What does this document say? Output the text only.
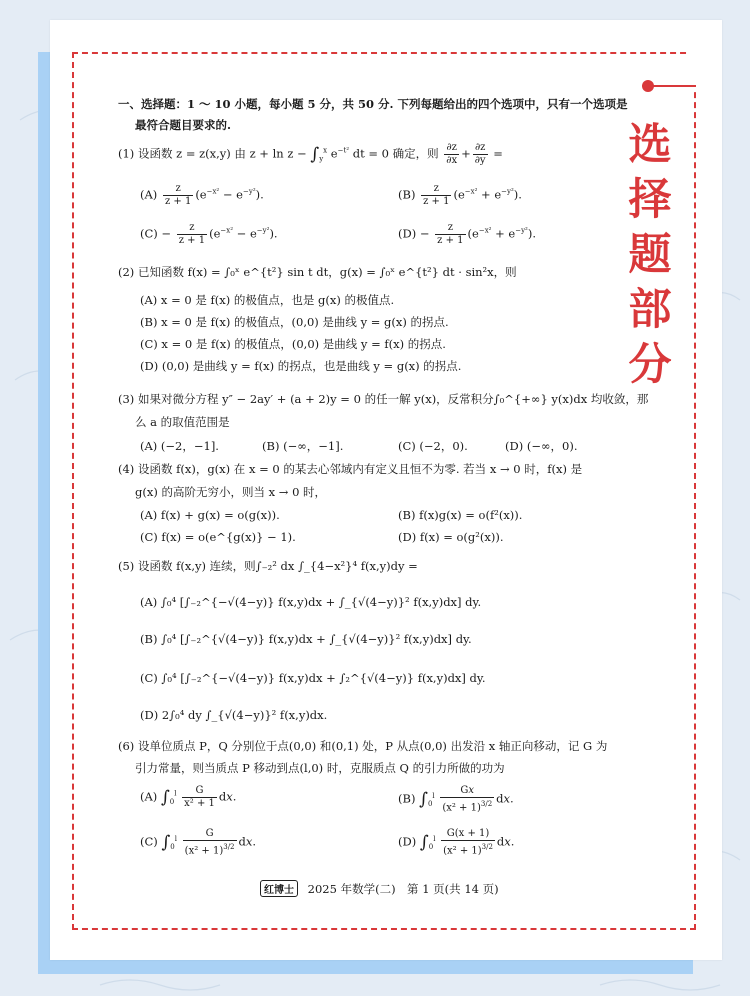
选
择
题
部
分
一、选择题：1 ～ 10 小题，每小题 5 分，共 50 分. 下列每题给出的四个选项中，只有一个选项是
最符合题目要求的.
(1) 设函数 z = z(x,y) 由 $z + \ln z - \int_y^x$ $e^{-t^2}$ dt = 0 确定，则 $\frac{\partial z}{\partial x} + \frac{\partial z}{\partial y}$ =
$(A) \frac{z}{z + 1} (e^{-x^2} - e^{-y^2})$.	$(B) \frac{z}{z + 1} (e^{-x^2} + e^{-y^2})$.
$(C) - \frac{z}{z + 1} (e^{-x^2} - e^{-y^2})$.	$(D) - \frac{z}{z + 1} (e^{-x^2} + e^{-y^2})$.
(2) 已知函数 f(x) = ∫₀ˣ e^{t²} sin t dt，g(x) = ∫₀ˣ e^{t²} dt · sin²x，则
(A) x = 0 是 f(x) 的极值点，也是 g(x) 的极值点.
(B) x = 0 是 f(x) 的极值点，(0,0) 是曲线 y = g(x) 的拐点.
(C) x = 0 是 f(x) 的极值点，(0,0) 是曲线 y = f(x) 的拐点.
(D) (0,0) 是曲线 y = f(x) 的拐点，也是曲线 y = g(x) 的拐点.
(3) 如果对微分方程 y″ − 2ay′ + (a + 2)y = 0 的任一解 y(x)，反常积分∫₀^{+∞} y(x)dx 均收敛，那
么 a 的取值范围是
(A) (−2，−1].	(B) (−∞，−1].	(C) (−2，0).	(D) (−∞，0).
(4) 设函数 f(x)，g(x) 在 x = 0 的某去心邻域内有定义且恒不为零. 若当 x → 0 时，f(x) 是
g(x) 的高阶无穷小，则当 x → 0 时，
(A) f(x) + g(x) = o(g(x)).	(B) f(x)g(x) = o(f²(x)).
(C) f(x) = o(e^{g(x)} − 1).	(D) f(x) = o(g²(x)).
(5) 设函数 f(x,y) 连续，则∫₋₂² dx ∫_{4−x²}⁴ f(x,y)dy =
(A) ∫₀⁴ [∫₋₂^{−√(4−y)} f(x,y)dx + ∫_{√(4−y)}² f(x,y)dx] dy.
(B) ∫₀⁴ [∫₋₂^{√(4−y)} f(x,y)dx + ∫_{√(4−y)}² f(x,y)dx] dy.
(C) ∫₀⁴ [∫₋₂^{−√(4−y)} f(x,y)dx + ∫₂^{√(4−y)} f(x,y)dx] dy.
(D) 2∫₀⁴ dy ∫_{√(4−y)}² f(x,y)dx.
(6) 设单位质点 P，Q 分别位于点(0,0) 和(0,1) 处，P 从点(0,0) 出发沿 x 轴正向移动，记 G 为
引力常量，则当质点 P 移动到点(l,0) 时，克服质点 Q 的引力所做的功为
(A) $\int_0^l \frac{G}{\text{x² + 1}}$ dx.	(B) $\int_0^l \frac{Gx}{(x^2 + 1)^{3/2}}$ dx.
(C) $\int_0^l \frac{G}{(x^2 + 1)^{3/2}}$ dx.	(D) $\int_0^l \frac{G(x + 1)}{(x^2 + 1)^{3/2}}$ dx.
红博士 2025 年数学(二)　第 1 页(共 14 页)
